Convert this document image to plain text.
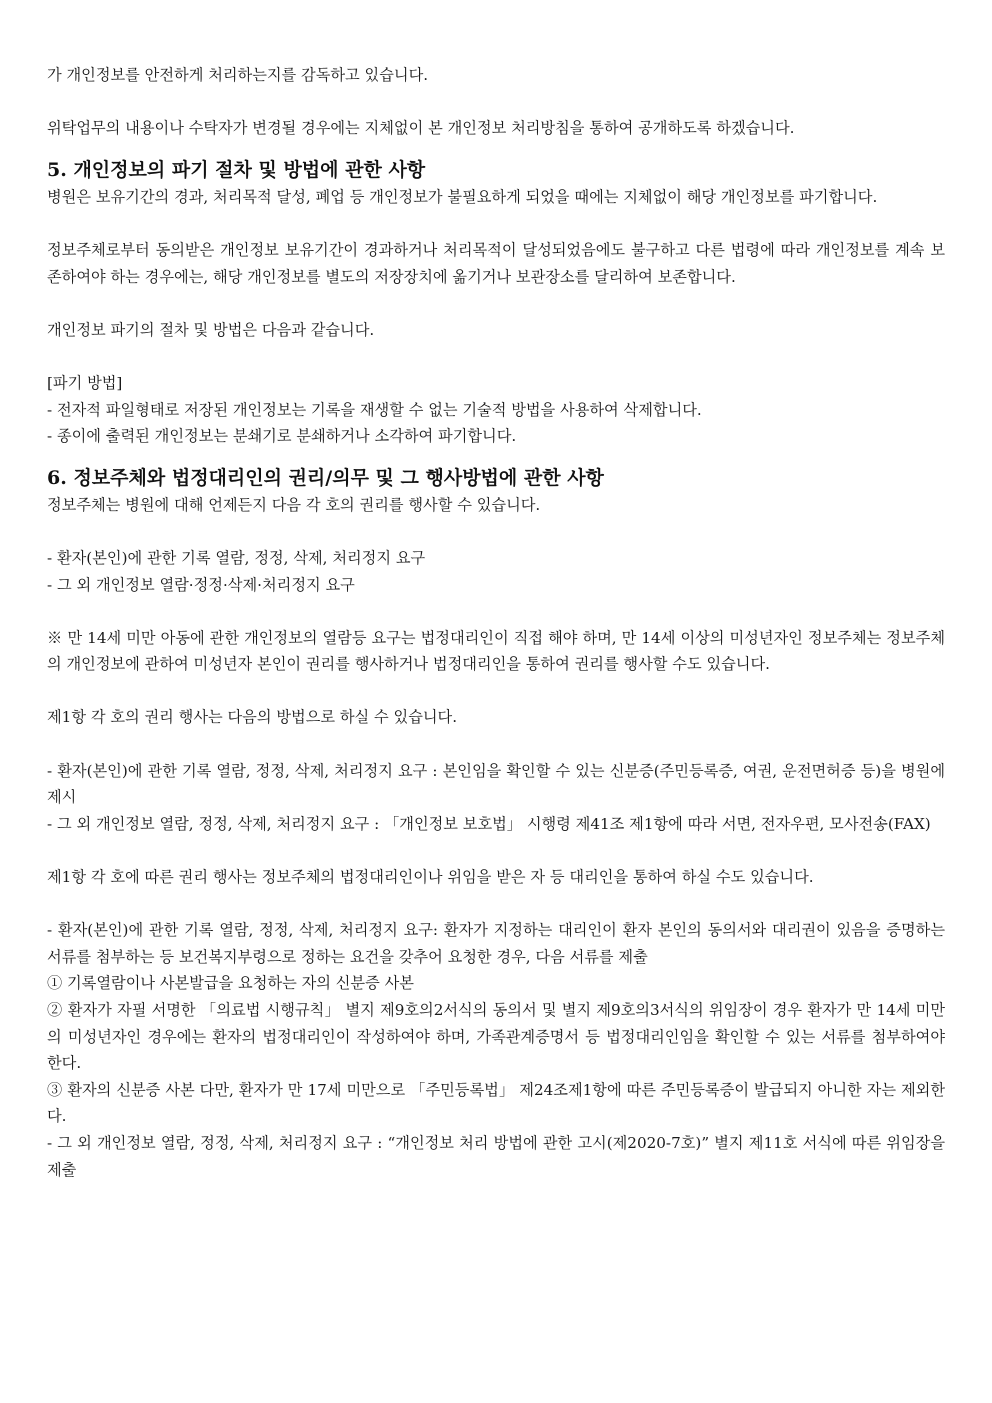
가 개인정보를 안전하게 처리하는지를 감독하고 있습니다.

위탁업무의 내용이나 수탁자가 변경될 경우에는 지체없이 본 개인정보 처리방침을 통하여 공개하도록 하겠습니다.

5. 개인정보의 파기 절차 및 방법에 관한 사항

병원은 보유기간의 경과, 처리목적 달성, 폐업 등 개인정보가 불필요하게 되었을 때에는 지체없이 해당 개인정보를 파기합니다.

정보주체로부터 동의받은 개인정보 보유기간이 경과하거나 처리목적이 달성되었음에도 불구하고 다른 법령에 따라 개인정보를 계속 보존하여야 하는 경우에는, 해당 개인정보를 별도의 저장장치에 옮기거나 보관장소를 달리하여 보존합니다.

개인정보 파기의 절차 및 방법은 다음과 같습니다.

[파기 방법]

- 전자적 파일형태로 저장된 개인정보는 기록을 재생할 수 없는 기술적 방법을 사용하여 삭제합니다.

- 종이에 출력된 개인정보는 분쇄기로 분쇄하거나 소각하여 파기합니다.

6. 정보주체와 법정대리인의 권리/의무 및 그 행사방법에 관한 사항

정보주체는 병원에 대해 언제든지 다음 각 호의 권리를 행사할 수 있습니다.

- 환자(본인)에 관한 기록 열람, 정정, 삭제, 처리정지 요구

- 그 외 개인정보 열람·정정·삭제·처리정지 요구

※ 만 14세 미만 아동에 관한 개인정보의 열람등 요구는 법정대리인이 직접 해야 하며, 만 14세 이상의 미성년자인 정보주체는 정보주체의 개인정보에 관하여 미성년자 본인이 권리를 행사하거나 법정대리인을 통하여 권리를 행사할 수도 있습니다.

제1항 각 호의 권리 행사는 다음의 방법으로 하실 수 있습니다.

- 환자(본인)에 관한 기록 열람, 정정, 삭제, 처리정지 요구 : 본인임을 확인할 수 있는 신분증(주민등록증, 여권, 운전면허증 등)을 병원에 제시

- 그 외 개인정보 열람, 정정, 삭제, 처리정지 요구 : 「개인정보 보호법」 시행령 제41조 제1항에 따라 서면, 전자우편, 모사전송(FAX)

제1항 각 호에 따른 권리 행사는 정보주체의 법정대리인이나 위임을 받은 자 등 대리인을 통하여 하실 수도 있습니다.

- 환자(본인)에 관한 기록 열람, 정정, 삭제, 처리정지 요구: 환자가 지정하는 대리인이 환자 본인의 동의서와 대리권이 있음을 증명하는 서류를 첨부하는 등 보건복지부령으로 정하는 요건을 갖추어 요청한 경우, 다음 서류를 제출

① 기록열람이나 사본발급을 요청하는 자의 신분증 사본

② 환자가 자필 서명한 「의료법 시행규칙」 별지 제9호의2서식의 동의서 및 별지 제9호의3서식의 위임장이 경우 환자가 만 14세 미만의 미성년자인 경우에는 환자의 법정대리인이 작성하여야 하며, 가족관계증명서 등 법정대리인임을 확인할 수 있는 서류를 첨부하여야 한다.

③ 환자의 신분증 사본 다만, 환자가 만 17세 미만으로 「주민등록법」 제24조제1항에 따른 주민등록증이 발급되지 아니한 자는 제외한다.

- 그 외 개인정보 열람, 정정, 삭제, 처리정지 요구 : “개인정보 처리 방법에 관한 고시(제2020-7호)” 별지 제11호 서식에 따른 위임장을 제출
